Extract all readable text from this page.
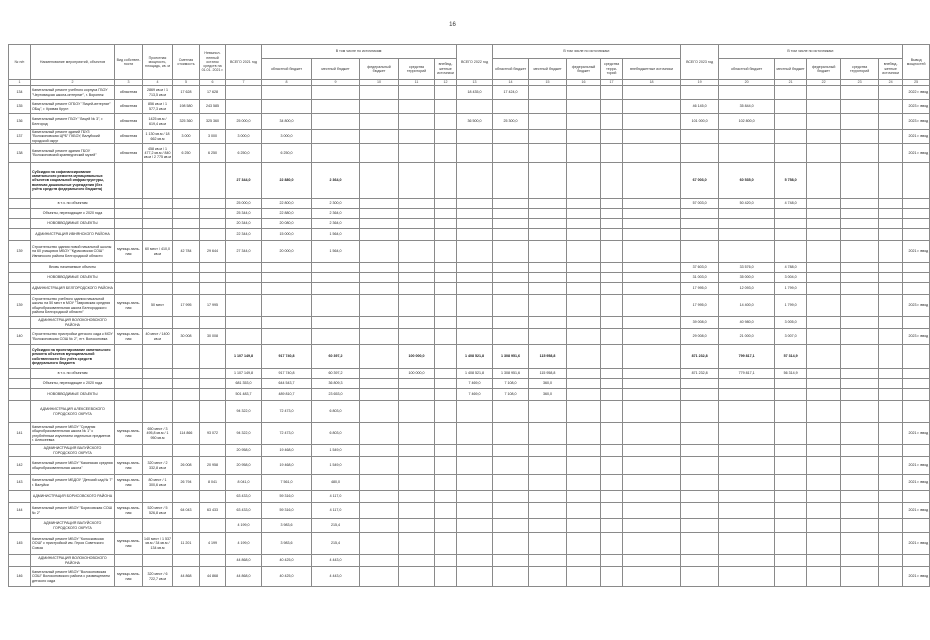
16
№ п/п	Наименование мероприятий, объектов	Вид собствен-ности	Проектная мощность, площадь, кв. м	Сметная стоимость	Невыпол-ненный остаток средств на 01.01. 2021 г.	ВСЕГО 2021 год	В том числе по источникам:					ВСЕГО 2022 год	В том числе по источникам:					ВСЕГО 2023 год	В том числе по источникам:					Вывод мощностей
							областной бюджет	местный бюджет	федеральный бюджет	средства территорий	внебюд-жетные источники		областной бюджет	местный бюджет	федеральный бюджет	средства терри-торий	внебюджетные источники		областной бюджет	местный бюджет	федеральный бюджет	средства территорий	внебюд-жетные источники	
1	2	3	4	5	6	7	8	9	10	11	12	13	14	15	16	17	18	19	20	21	22	23	24	25
134	Капитальный ремонт учебного корпуса ГБОУ "Чертовицкая школа-интернат", г. Воронеж	областная	2869 кв.м / 1 713,5 кв.м	17 628	17 628							18 435,0	17 424,0											2022 г. ввод
135	Капитальный ремонт ОГБОУ "Лицей-интернат" ОБщ", г. Кривая Кругл	областная	856 кв.м / 1 577,3 кв.м	198 580	243 585													46 145,0	35 844,0					2023 г. ввод
136	Капитальный ремонт ГБОУ "Лицей № 3", г. Белгород	областная	1425 кв.м / 619,4 кв.м	325 360	325 360	25 000,0	34 800,0					36 500,0	25 300,0					101 000,0	102 800,0					2023 г. ввод
137	Капитальный ремонт зданий ГБУЗ "Волоконовская ЦРБ" ГКБОУ, Валуйский городской округ	областная	1 130 кв.м / 18 662 кв.м	3 000	3 000	3 000,0	3 000,0																	2021 г. ввод
138	Капитальный ремонт здания ГБОУ "Волоконовский краеведческий музей"	областная	458 кв.м / 1 477,2 кв.м / 840 кв.м / 2 775 кв.м	6 250	6 250	6 250,0	6 250,0																	2021 г. ввод
	Субсидии на софинансирование капитального ремонта муниципальных объектов социальной инфраструктуры, включая дошкольные учреждения (без учёта средств федерального бюджета)					27 344,0	22 880,0	2 364,0										67 003,0	60 535,0	5 758,0				
	в т.ч. по объектам					25 000,0	22 800,0	2 300,0										57 003,0	50 420,0	4 748,0				
	Объекты, переходящие с 2020 года					25 344,0	22 880,0	2 364,0																
	НОВОВВОДИМЫЕ ОБЪЕКТЫ					20 344,0	20 080,0	2 364,0																
	АДМИНИСТРАЦИЯ ИВНЯНСКОГО РАЙОНА					22 344,0	15 000,0	1 564,0																
139	Строительство здания новой начальной школы на 60 учащихся МБОУ "Курасовская СОШ" Ивнянского района Белгородской области	муници-паль-ная	60 мест / 410,0 кв.м	42 784	29 644	27 344,0	20 000,0	1 564,0																2021 г. ввод
	Вновь начинаемые объекты																	37 603,0	33 576,0	4 788,0				
	НОВОВВОДИМЫЕ ОБЪЕКТЫ																	31 003,0	35 000,0	3 004,0				
	АДМИНИСТРАЦИЯ БЕЛГОРОДСКОГО РАЙОНА																	17 995,0	12 093,0	1 799,0				
139	Строительство учебного здания начальной школы на 50 мест в МОУ "Тавровская средняя общеобразовательная школа Белгородского района Белгородской области"	муници-паль-ная	50 мест	17 995	17 995													17 995,0	14 400,0	1 799,0				2023 г. ввод
	АДМИНИСТРАЦИЯ ВОЛОКОНОВСКОГО РАЙОНА																	39 008,0	40 980,0	3 005,0				
140	Строительство пристройки детского сада к МОУ "Волоконовская СОШ № 2", пгт. Волоконовка	муници-паль-ная	40 мест / 1400 кв.м	30 008	30 008													29 008,0	21 000,0	3 007,0				2023 г. ввод
	Субсидии на проектирование капитального ремонта объектов муниципальной собственности без учёта средств федерального бюджета					1 107 149,8	917 740,8	60 397,2		100 000,0		1 408 521,8	1 308 951,6	115 958,8				871 232,8	799 817,1	57 314,9				
	в т.ч. по объектам					1 107 149,8	917 740,8	60 397,2		100 000,0		1 408 521,8	1 308 951,6	115 958,8				871 232,8	779 817,1	56 314,9				
	Объекты, переходящие с 2020 года					681 353,0	644 543,7	36 809,3				7 469,0	7 108,0	360,0										
	НОВОВВОДИМЫЕ ОБЪЕКТЫ					501 483,7	489 810,7	23 653,0				7 469,0	7 108,0	360,0										
	АДМИНИСТРАЦИЯ АЛЕКСЕЕВСКОГО ГОРОДСКОГО ОКРУГА					94 322,0	72 473,0	6 803,0																
141	Капитальный ремонт МБОУ "Средняя общеобразовательная школа № 1" с углублённым изучением отдельных предметов г. Алексеевка	муници-паль-ная	650 мест / 3 495,8 кв.м / 1 950 кв.м	114 866	93 072	94 322,0	72 473,0	6 803,0																2021 г. ввод
	АДМИНИСТРАЦИЯ ВАЛУЙСКОГО ГОРОДСКОГО ОКРУГА					20 958,0	19 468,0	1 549,0																
142	Капитальный ремонт МБОУ "Казинская средняя общеобразовательная школа"	муници-паль-ная	320 мест / 2 332,8 кв.м	26 008	20 958	20 958,0	19 468,0	1 549,0																2021 г. ввод
143	Капитальный ремонт МБДОУ "Детский сад № 7" г. Валуйки	муници-паль-ная	80 мест / 1 300,6 кв.м	26 794	8 041	8 041,0	7 561,0	480,0																2021 г. ввод
	АДМИНИСТРАЦИЯ БОРИСОВСКОГО РАЙОНА					63 433,0	59 316,0	4 117,0																
144	Капитальный ремонт МБОУ "Борисовская СОШ № 2"	муници-паль-ная	520 мест / 5 526,8 кв.м	64 043	63 433	63 433,0	59 316,0	4 117,0																2021 г. ввод
	АДМИНИСТРАЦИЯ ВАЛУЙСКОГО ГОРОДСКОГО ОКРУГА					4 199,0	3 983,6	215,4																
145	Капитальный ремонт МБОУ "Колосковская ООШ" с пристройкой им. Героя Советского Союза	муници-паль-ная	140 мест / 1 537 кв.м / 34 кв.м / 134 кв.м	11 201	4 199	4 199,0	3 983,6	215,4																2021 г. ввод
	АДМИНИСТРАЦИЯ ВОЛОКОНОВСКОГО РАЙОНА					44 868,0	40 425,0	4 443,0																
146	Капитальный ремонт МБОУ "Волоконовская СОШ" Волоконовского района с размещением детского сада	муници-паль-ная	320 мест / 6 722,7 кв.м	44 868	44 868	44 868,0	40 425,0	4 443,0																2021 г. ввод
